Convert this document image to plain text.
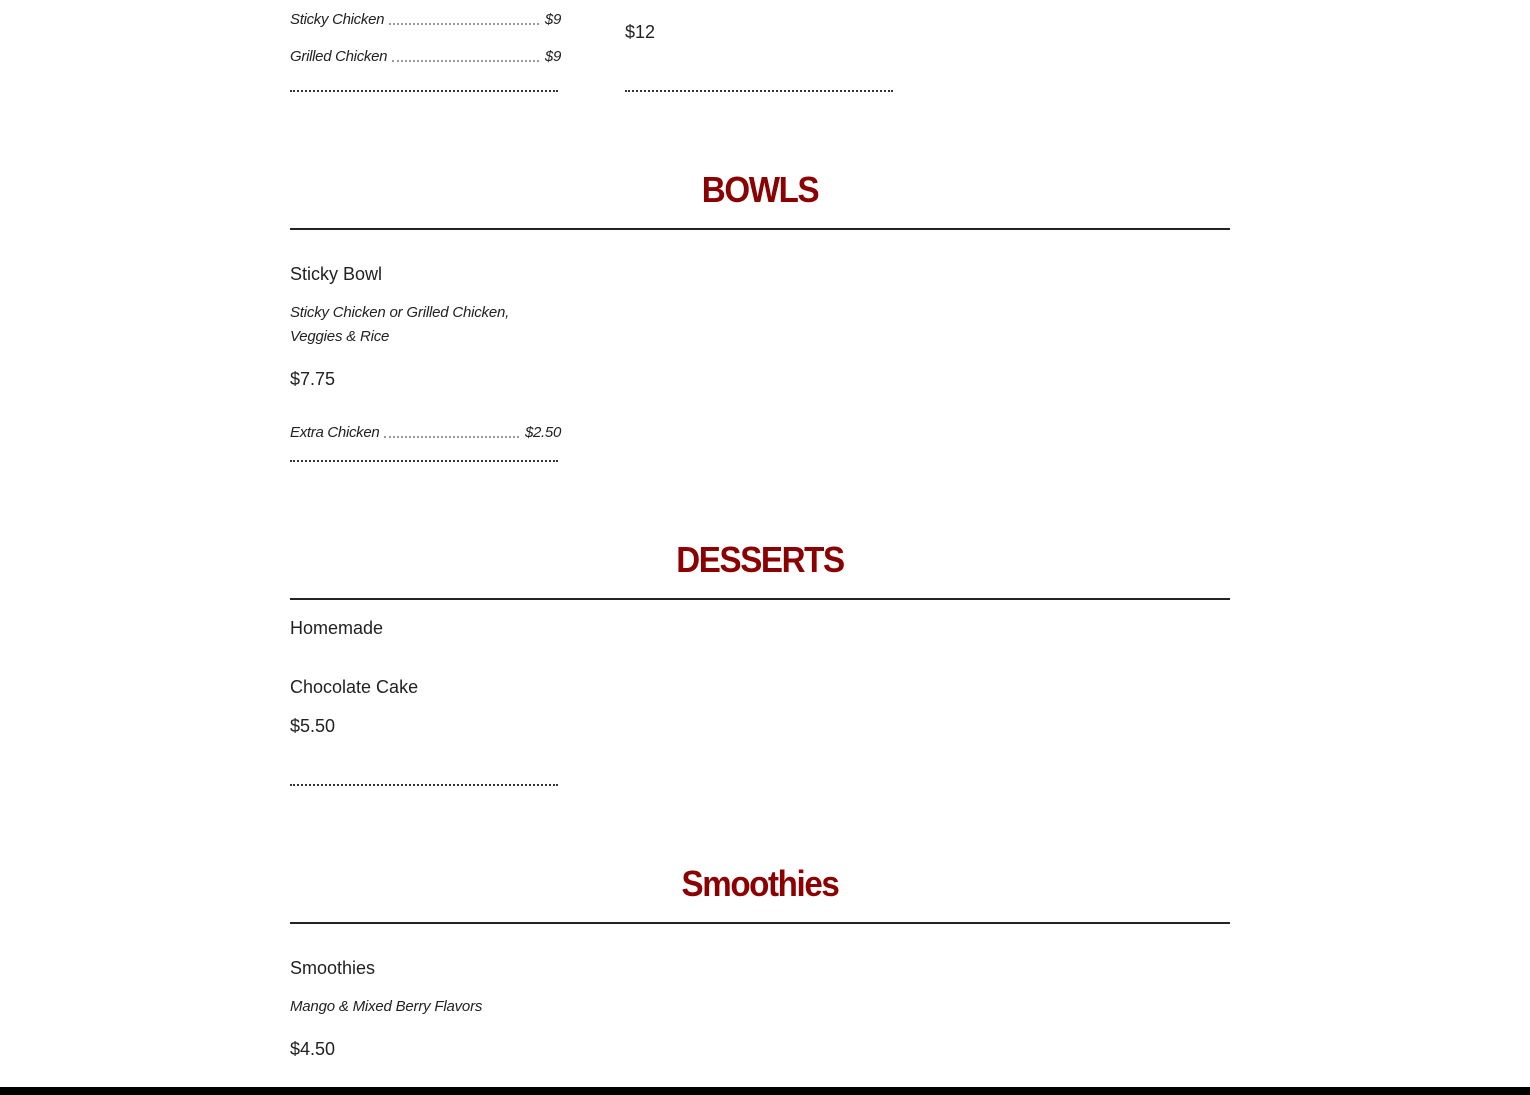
Sticky Chicken	$9
Grilled Chicken	$9
$12
BOWLS
Sticky Bowl
Sticky Chicken or Grilled Chicken, Veggies & Rice
$7.75
Extra Chicken	$2.50
DESSERTS
Homemade
Chocolate Cake
$5.50
Smoothies
Smoothies
Mango & Mixed Berry Flavors
$4.50
